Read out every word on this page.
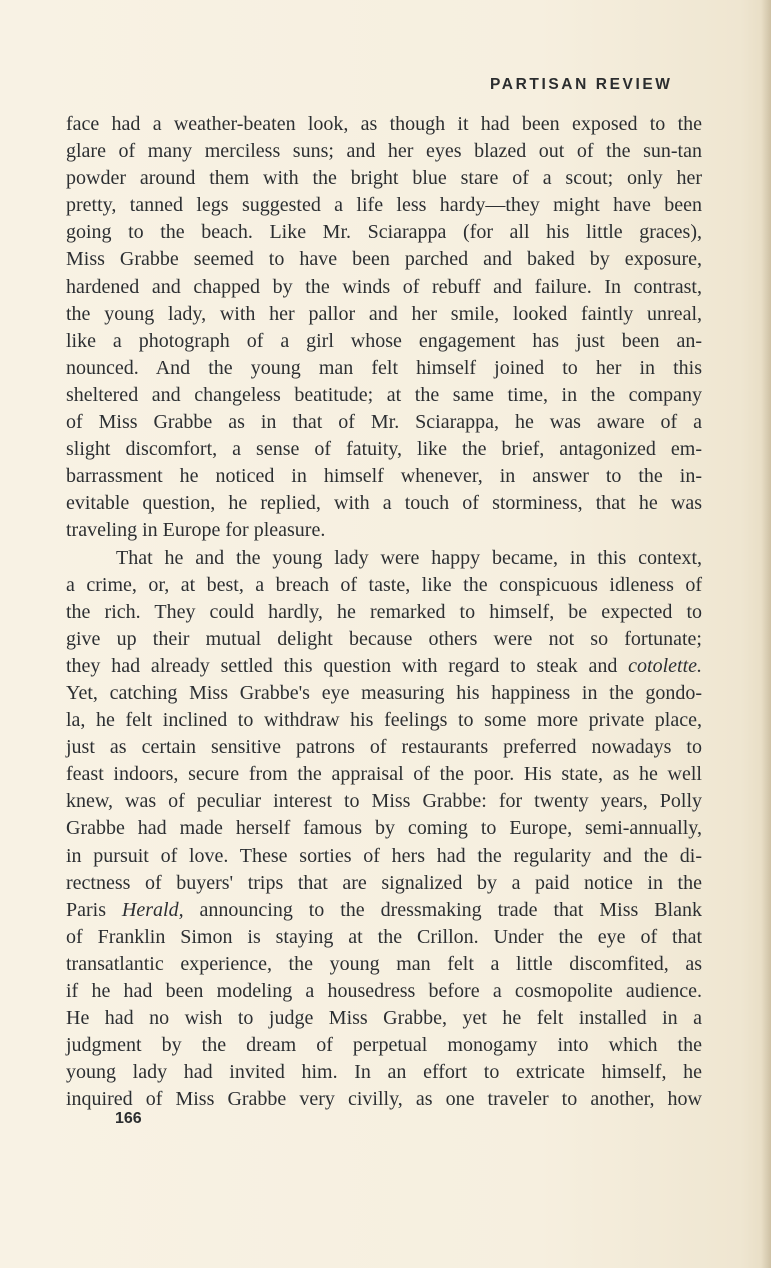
PARTISAN REVIEW
face had a weather-beaten look, as though it had been exposed to the
glare of many merciless suns; and her eyes blazed out of the sun-tan
powder around them with the bright blue stare of a scout; only her
pretty, tanned legs suggested a life less hardy—they might have been
going to the beach. Like Mr. Sciarappa (for all his little graces),
Miss Grabbe seemed to have been parched and baked by exposure,
hardened and chapped by the winds of rebuff and failure. In contrast,
the young lady, with her pallor and her smile, looked faintly unreal,
like a photograph of a girl whose engagement has just been an-
nounced. And the young man felt himself joined to her in this
sheltered and changeless beatitude; at the same time, in the company
of Miss Grabbe as in that of Mr. Sciarappa, he was aware of a
slight discomfort, a sense of fatuity, like the brief, antagonized em-
barrassment he noticed in himself whenever, in answer to the in-
evitable question, he replied, with a touch of storminess, that he was
traveling in Europe for pleasure.
That he and the young lady were happy became, in this context,
a crime, or, at best, a breach of taste, like the conspicuous idleness of
the rich. They could hardly, he remarked to himself, be expected to
give up their mutual delight because others were not so fortunate;
they had already settled this question with regard to steak and cotolette.
Yet, catching Miss Grabbe's eye measuring his happiness in the gondo-
la, he felt inclined to withdraw his feelings to some more private place,
just as certain sensitive patrons of restaurants preferred nowadays to
feast indoors, secure from the appraisal of the poor. His state, as he well
knew, was of peculiar interest to Miss Grabbe: for twenty years, Polly
Grabbe had made herself famous by coming to Europe, semi-annually,
in pursuit of love. These sorties of hers had the regularity and the di-
rectness of buyers' trips that are signalized by a paid notice in the
Paris Herald, announcing to the dressmaking trade that Miss Blank
of Franklin Simon is staying at the Crillon. Under the eye of that
transatlantic experience, the young man felt a little discomfited, as
if he had been modeling a housedress before a cosmopolite audience.
He had no wish to judge Miss Grabbe, yet he felt installed in a
judgment by the dream of perpetual monogamy into which the
young lady had invited him. In an effort to extricate himself, he
inquired of Miss Grabbe very civilly, as one traveler to another, how
166
